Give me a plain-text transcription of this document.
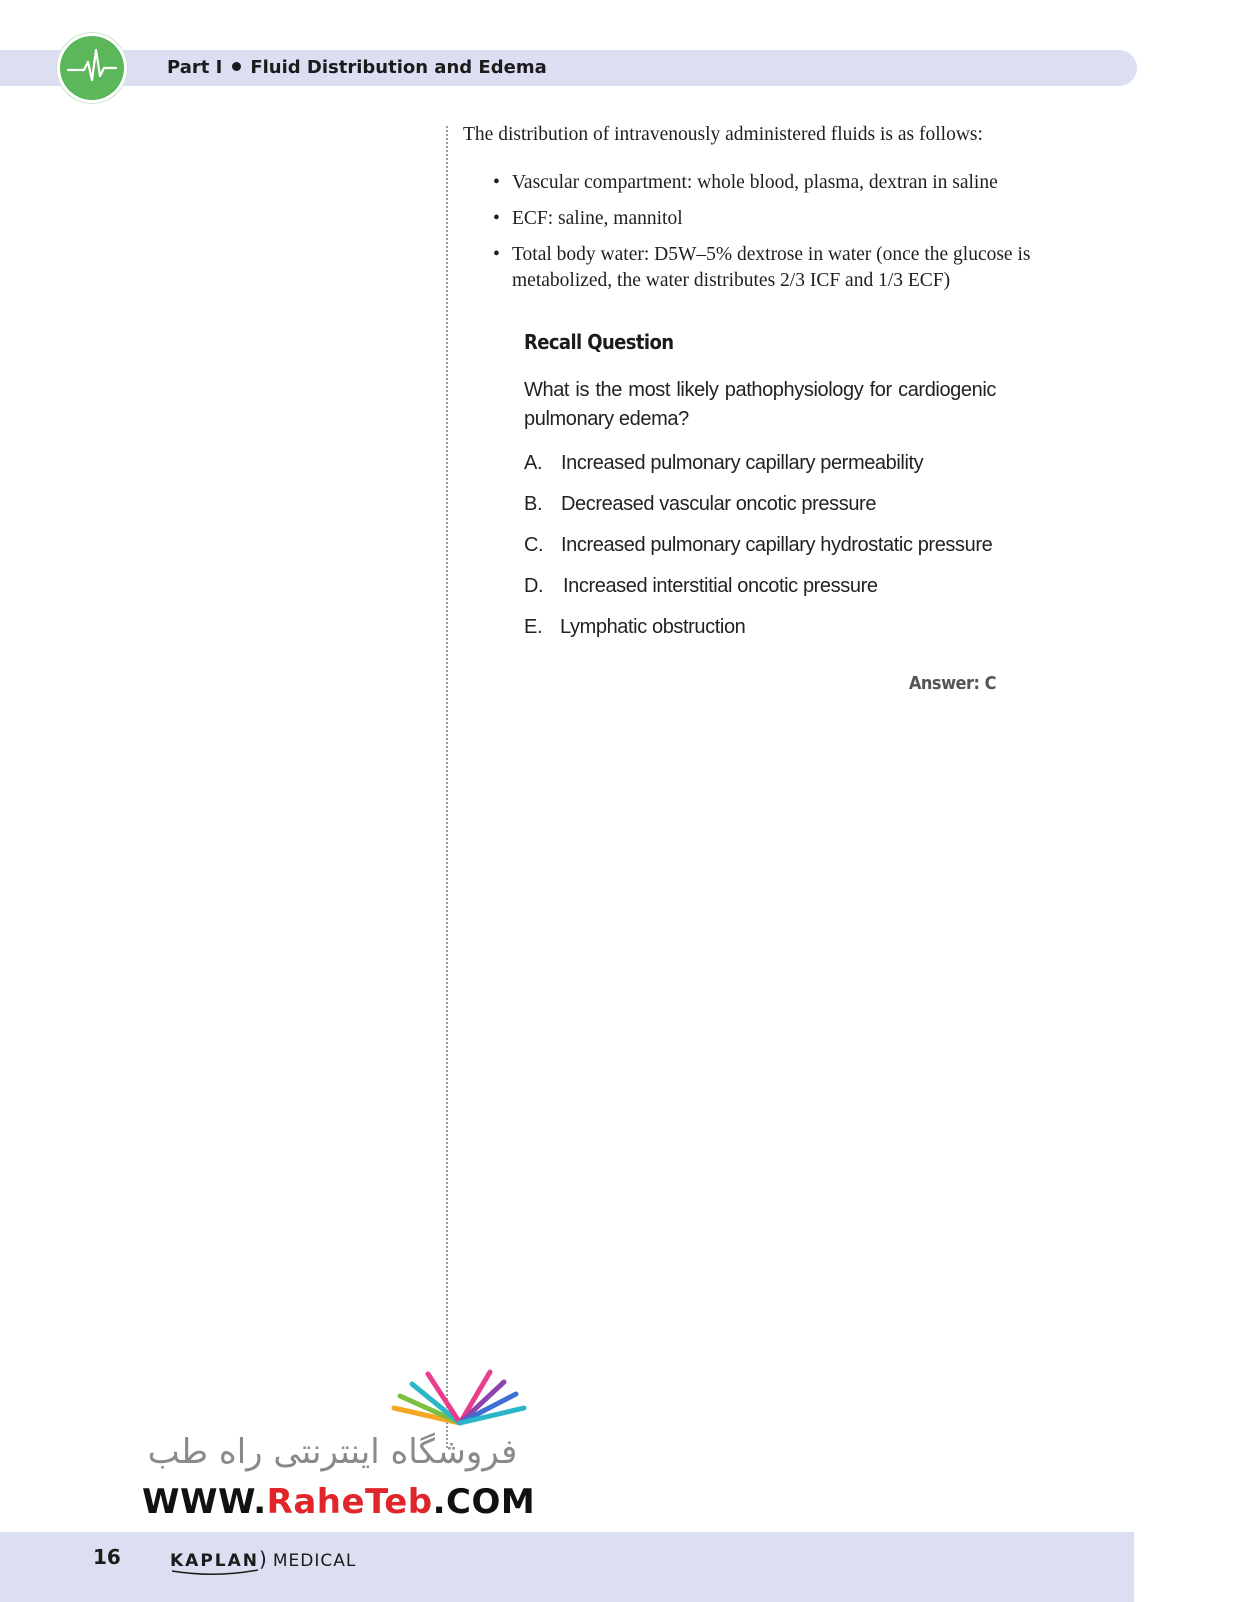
Part I Fluid Distribution and Edema
The distribution of intravenously administered fluids is as follows:
• Vascular compartment: whole blood, plasma, dextran in saline
• ECF: saline, mannitol
• Total body water: D5W–5% dextrose in water (once the glucose is metabolized, the water distributes 2/3 ICF and 1/3 ECF)

Recall Question

What is the most likely pathophysiology for cardiogenic pulmonary edema?
A. Increased pulmonary capillary permeability
B. Decreased vascular oncotic pressure
C. Increased pulmonary capillary hydrostatic pressure
D. Increased interstitial oncotic pressure
E. Lymphatic obstruction
Answer: C
فروشگاه اینترنتی راه طب
WWW.RaheTeb.COM
16	KAPLAN) MEDICAL
